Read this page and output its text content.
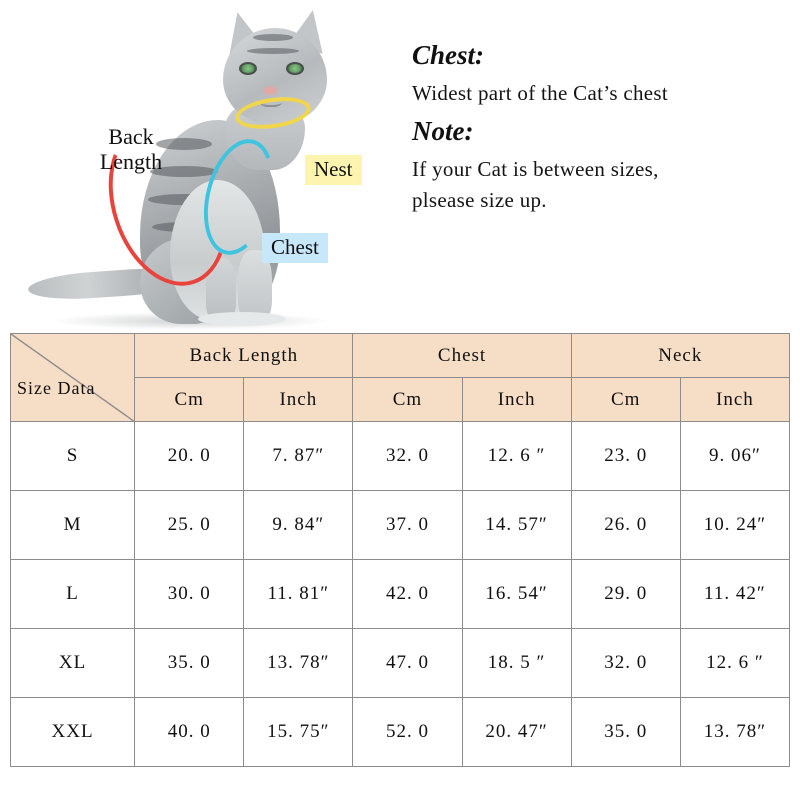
Back
Length	Nest
Chest
Chest:
Widest part of the Cat’s chest
Note:
If your Cat is between sizes,
plsease size up.
Size Data	Back Length		Chest		Neck	
	Cm	Inch	Cm	Inch	Cm	Inch
S	20. 0	7. 87″	32. 0	12. 6 ″	23. 0	9. 06″
M	25. 0	9. 84″	37. 0	14. 57″	26. 0	10. 24″
L	30. 0	11. 81″	42. 0	16. 54″	29. 0	11. 42″
XL	35. 0	13. 78″	47. 0	18. 5 ″	32. 0	12. 6 ″
XXL	40. 0	15. 75″	52. 0	20. 47″	35. 0	13. 78″
